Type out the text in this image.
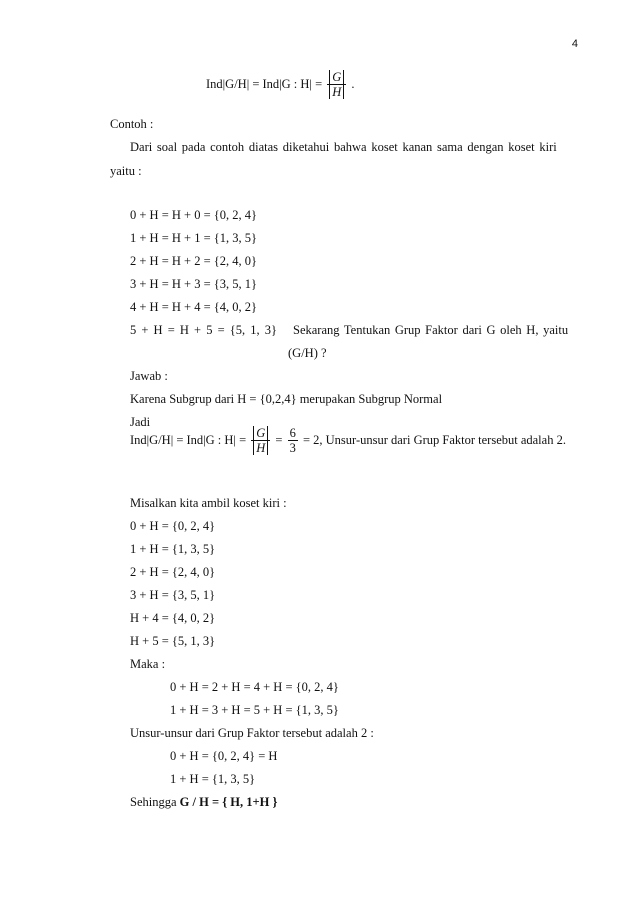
4
Ind|G/H| = Ind|G : $H| = \frac{G}{H}$ .
Contoh :
Dari soal pada contoh diatas diketahui bahwa koset kanan sama dengan koset kiri
yaitu :
0 + H = H + 0 = {0, 2, 4}
1 + H = H + 1 = {1, 3, 5}
2 + H = H + 2 = {2, 4, 0}
3 + H = H + 3 = {3, 5, 1}
4 + H = H + 4 = {4, 0, 2}
5 + H = H + 5 = {5, 1, 3} Sekarang Tentukan Grup Faktor dari G oleh H, yaitu
(G/H) ?
Jawab :
Karena Subgrup dari H = {0,2,4} merupakan Subgrup Normal
Jadi
Ind|G/H| = Ind|G : $H| = \frac{G}{H} = \frac{6}{3} = 2$, Unsur-unsur dari Grup Faktor tersebut adalah 2.
Misalkan kita ambil koset kiri :
0 + H = {0, 2, 4}
1 + H = {1, 3, 5}
2 + H = {2, 4, 0}
3 + H = {3, 5, 1}
H + 4 = {4, 0, 2}
H + 5 = {5, 1, 3}
Maka :
0 + H = 2 + H = 4 + H = {0, 2, 4}
1 + H = 3 + H = 5 + H = {1, 3, 5}
Unsur-unsur dari Grup Faktor tersebut adalah 2 :
0 + H = {0, 2, 4} = H
1 + H = {1, 3, 5}
Sehingga G / H = { H, 1+H }
